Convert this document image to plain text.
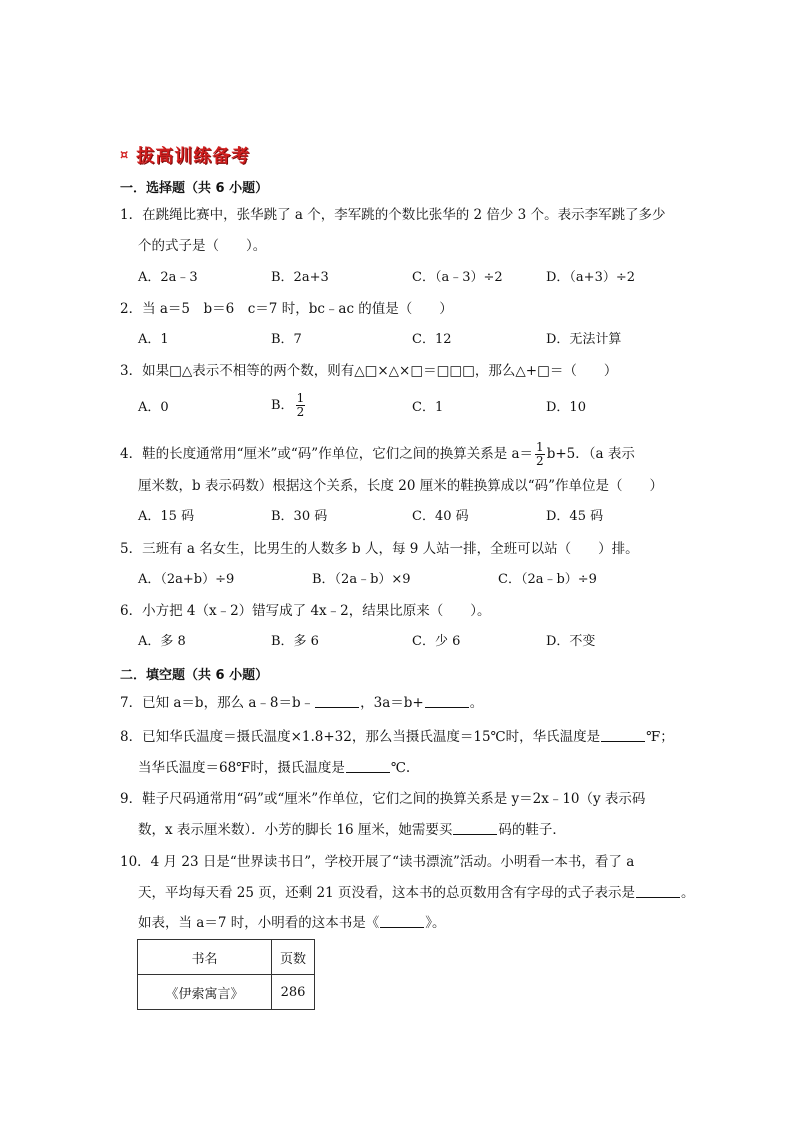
¤ 拔高训练备考
一．选择题（共 6 小题）
1．在跳绳比赛中，张华跳了 a 个，李军跳的个数比张华的 2 倍少 3 个。表示李军跳了多少
个的式子是（　　）。
A．2a﹣3	B．2a+3	C．（a﹣3）÷2	D．（a+3）÷2
2．当 a＝5　b＝6　c＝7 时，bc﹣ac 的值是（　　）
A．1	B．7	C．12	D．无法计算
3．如果□△表示不相等的两个数，则有△□×△×□＝□□□，那么△+□＝（　　）
A．0	B． $\frac{1}{2}$	C．1	D．10
4．鞋的长度通常用“厘米”或“码”作单位，它们之间的换算关系是 $a= \frac{1}{2} b+5$．（a 表示
厘米数，b 表示码数）根据这个关系，长度 20 厘米的鞋换算成以“码”作单位是（　　）
A．15 码	B．30 码	C．40 码	D．45 码
5．三班有 a 名女生，比男生的人数多 b 人，每 9 人站一排，全班可以站（　　）排。
A．（2a+b）÷9	B．（2a﹣b）×9	C．（2a﹣b）÷9
6．小方把 4（x﹣2）错写成了 4x﹣2，结果比原来（　　）。
A．多 8	B．多 6	C．少 6	D．不变
二．填空题（共 6 小题）
7．已知 a＝b，那么 a﹣8＝b﹣	，3a＝b+	。
8．已知华氏温度＝摄氏温度×1.8+32，那么当摄氏温度＝15℃时，华氏温度是	℉；
当华氏温度＝68℉时，摄氏温度是	℃.
9．鞋子尺码通常用“码”或“厘米”作单位，它们之间的换算关系是 y＝2x﹣10（y 表示码
数，x 表示厘米数）．小芳的脚长 16 厘米，她需要买	码的鞋子．
10．4 月 23 日是“世界读书日”，学校开展了“读书漂流”活动。小明看一本书，看了 a
天，平均每天看 25 页，还剩 21 页没看，这本书的总页数用含有字母的式子表示是	。
如表，当 a＝7 时，小明看的这本书是《	》。
书名	页数
《伊索寓言》	286
